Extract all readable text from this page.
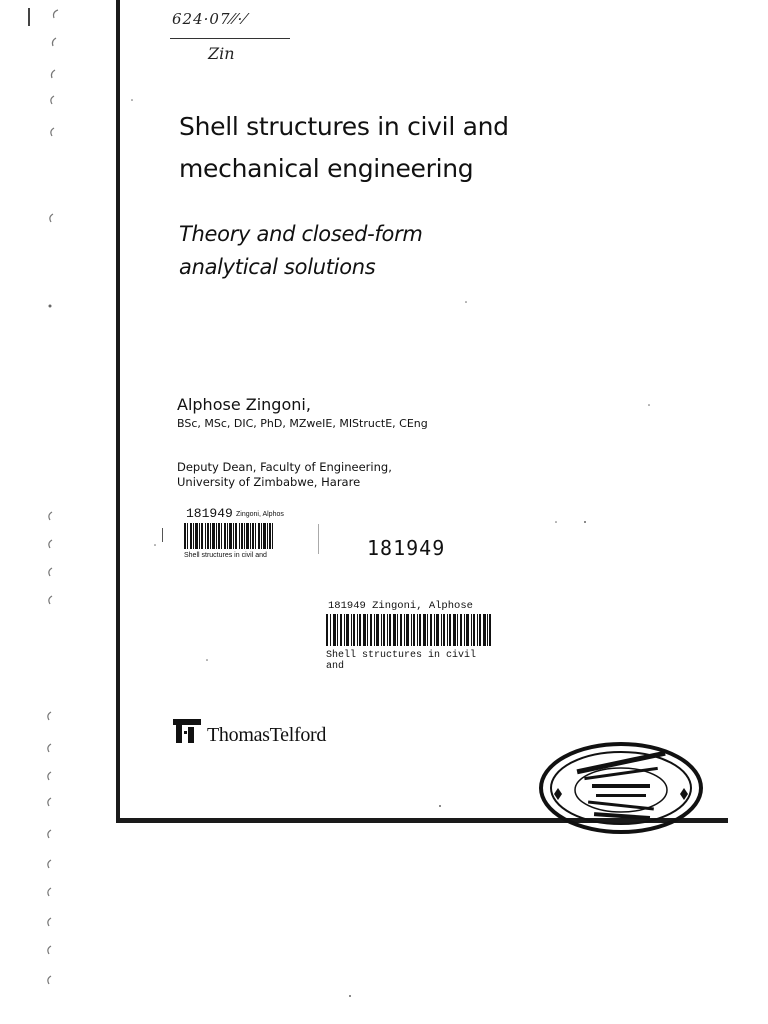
624·07⁄⁄·⁄
Zin
Shell structures in civil and
mechanical engineering
Theory and closed-form
analytical solutions
Alphose Zingoni,
BSc, MSc, DIC, PhD, MZweIE, MIStructE, CEng
Deputy Dean, Faculty of Engineering,
University of Zimbabwe, Harare
181949 Zingoni, Alphos
Shell structures in civil and	181949
181949 Zingoni, Alphose
Shell structures in civil and
ThomasTelford
